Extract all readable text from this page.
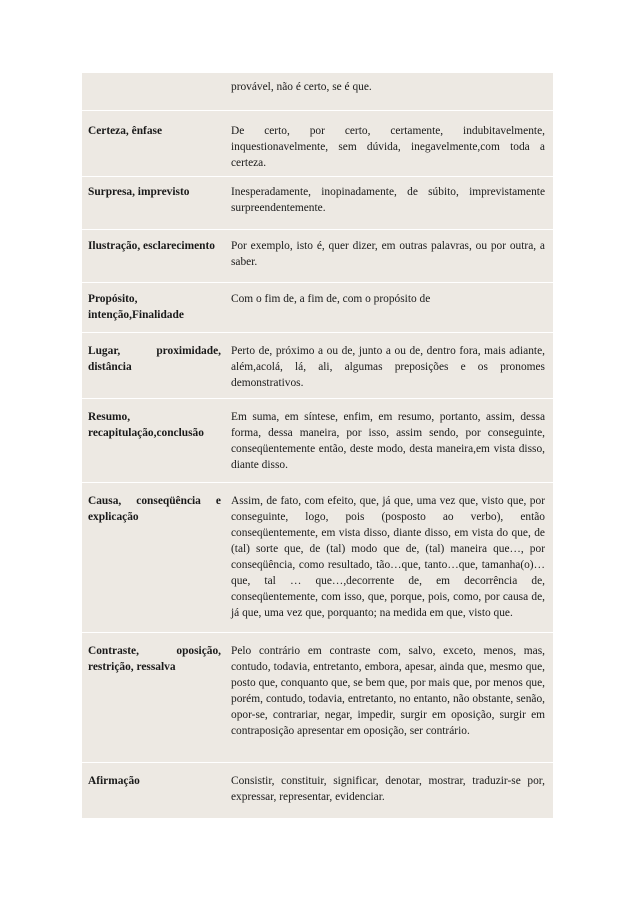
	provável, não é certo, se é que.
Certeza, ênfase	De certo, por certo, certamente, indubitavelmente, inquestionavelmente, sem dúvida, inegavelmente,com toda a certeza.
Surpresa, imprevisto	Inesperadamente, inopinadamente, de súbito, imprevistamente surpreendentemente.
Ilustração, esclarecimento	Por exemplo, isto é, quer dizer, em outras palavras, ou por outra, a saber.
Propósito, intenção,Finalidade	Com o fim de, a fim de, com o propósito de
Lugar, proximidade, distância	Perto de, próximo a ou de, junto a ou de, dentro fora, mais adiante, além,acolá, lá, ali, algumas preposições e os pronomes demonstrativos.
Resumo, recapitulação,conclusão	Em suma, em síntese, enfim, em resumo, portanto, assim, dessa forma, dessa maneira, por isso, assim sendo, por conseguinte, conseqüentemente então, deste modo, desta maneira,em vista disso, diante disso.
Causa, conseqüência e explicação	Assim, de fato, com efeito, que, já que, uma vez que, visto que, por conseguinte, logo, pois (posposto ao verbo), então conseqüentemente, em vista disso, diante disso, em vista do que, de (tal) sorte que, de (tal) modo que de, (tal) maneira que…, por conseqüência, como resultado, tão…que, tanto…que, tamanha(o)…que, tal … que…,decorrente de, em decorrência de, conseqüentemente, com isso, que, porque, pois, como, por causa de, já que, uma vez que, porquanto; na medida em que, visto que.
Contraste, oposição, restrição, ressalva	Pelo contrário em contraste com, salvo, exceto, menos, mas, contudo, todavia, entretanto, embora, apesar, ainda que, mesmo que, posto que, conquanto que, se bem que, por mais que, por menos que, porém, contudo, todavia, entretanto, no entanto, não obstante, senão, opor-se, contrariar, negar, impedir, surgir em oposição, surgir em contraposição apresentar em oposição, ser contrário.
Afirmação	Consistir, constituir, significar, denotar, mostrar, traduzir-se por, expressar, representar, evidenciar.
